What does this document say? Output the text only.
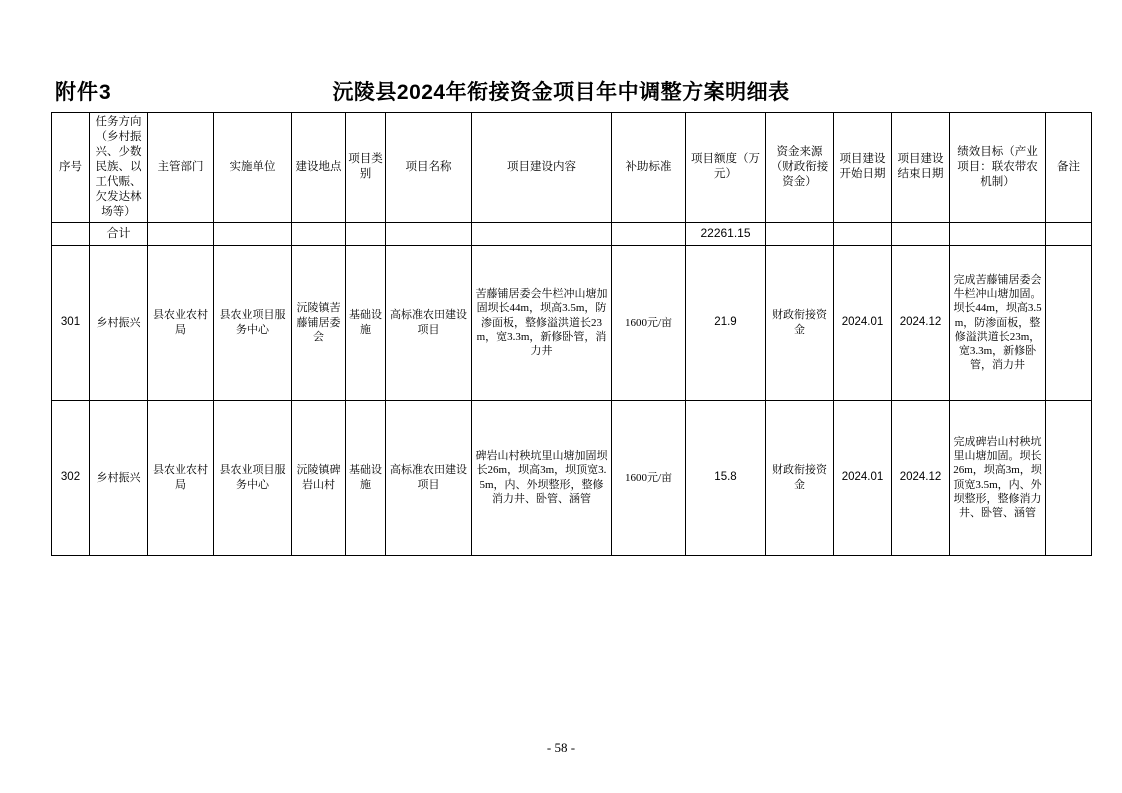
附件3	沅陵县2024年衔接资金项目年中调整方案明细表
序号	任务方向（乡村振兴、少数民族、以工代赈、欠发达林场等）	主管部门	实施单位	建设地点	项目类别	项目名称	项目建设内容	补助标准	项目额度（万元）	资金来源（财政衔接资金）	项目建设开始日期	项目建设结束日期	绩效目标（产业项目：联农带农机制）	备注
	合计								22261.15					
301	乡村振兴	县农业农村局	县农业项目服务中心	沅陵镇苦藤铺居委会	基础设施	高标准农田建设项目	苦藤铺居委会牛栏冲山塘加固坝长44m，坝高3.5m，防渗面板，整修溢洪道长23m，宽3.3m，新修卧管，消力井	1600元/亩	21.9	财政衔接资金	2024.01	2024.12	完成苦藤铺居委会牛栏冲山塘加固。坝长44m，坝高3.5m，防渗面板，整修溢洪道长23m，宽3.3m，新修卧管，消力井	
302	乡村振兴	县农业农村局	县农业项目服务中心	沅陵镇碑岩山村	基础设施	高标准农田建设项目	碑岩山村秧坑里山塘加固坝长26m，坝高3m，坝顶宽3.5m，内、外坝整形，整修消力井、卧管、涵管	1600元/亩	15.8	财政衔接资金	2024.01	2024.12	完成碑岩山村秧坑里山塘加固。坝长26m，坝高3m，坝顶宽3.5m，内、外坝整形，整修消力井、卧管、涵管	
- 58 -
